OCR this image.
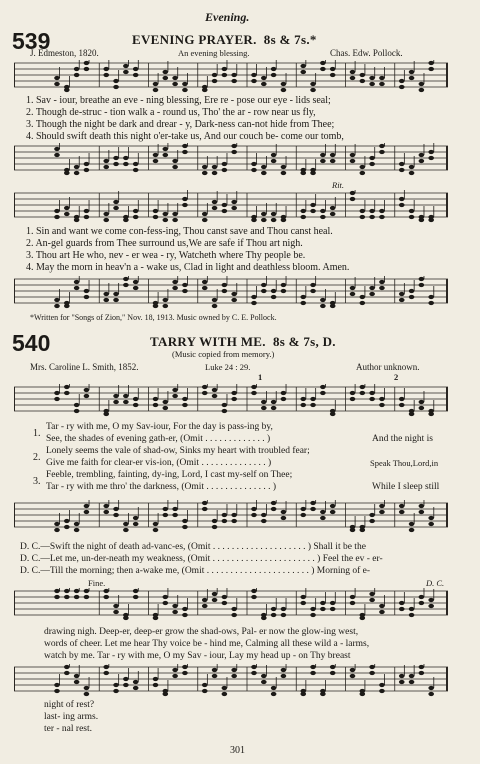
Evening.
539	EVENING PRAYER. 8s & 7s.*
J. Edmeston, 1820.	An evening blessing.	Chas. Edw. Pollock.
1. Sav - iour, breathe an eve - ning blessing, Ere re - pose our eye - lids seal;
2. Though de-struc - tion walk a - round us, Tho' the ar - row near us fly,
3. Though the night be dark and drear - y, Dark-ness can-not hide from Thee;
4. Should swift death this night o'er-take us, And our couch be- come our tomb,
Rit.
1. Sin and want we come con-fess-ing, Thou canst save and Thou canst heal.
2. An-gel guards from Thee surround us,We are safe if Thou art nigh.
3. Thou art He who, nev - er wea - ry, Watcheth where Thy people be.
4. May the morn in heav'n a - wake us, Clad in light and deathless bloom. Amen.
*Written for "Songs of Zion," Nov. 18, 1913. Music owned by C. E. Pollock.
540	TARRY WITH ME. 8s & 7s, D.
(Music copied from memory.)
Mrs. Caroline L. Smith, 1852.	Luke 24 : 29.	Author unknown.
1	2
Tar - ry with me, O my Sav-iour, For the day is pass-ing by,
See, the shades of evening gath-er, (Omit . . . . . . . . . . . . . )
Lonely seems the vale of shad-ow, Sinks my heart with troubled fear;
Give me faith for clear-er vis-ion, (Omit . . . . . . . . . . . . . . )
Feeble, trembling, fainting, dy-ing, Lord, I cast my-self on Thee;
Tar - ry with me thro' the darkness, (Omit . . . . . . . . . . . . . . )
1.
2.
3.
And the night is
Speak Thou,Lord,in
While I sleep still
D. C.—Swift the night of death ad-vanc-es, (Omit . . . . . . . . . . . . . . . . . . . . ) Shall it be the
D. C.—Let me, un-der-neath my weakness, (Omit . . . . . . . . . . . . . . . . . . . . . . ) Feel the ev - er-
D. C.—Till the morning; then a-wake me, (Omit . . . . . . . . . . . . . . . . . . . . . . ) Morning of e-
Fine.	D. C.
drawing nigh. Deep-er, deep-er grow the shad-ows, Pal- er now the glow-ing west,
words of cheer. Let me hear Thy voice be - hind me, Calming all these wild a - larms,
watch by me. Tar - ry with me, O my Sav - iour, Lay my head up - on Thy breast
night of rest?
last- ing arms.
ter - nal rest.
301
